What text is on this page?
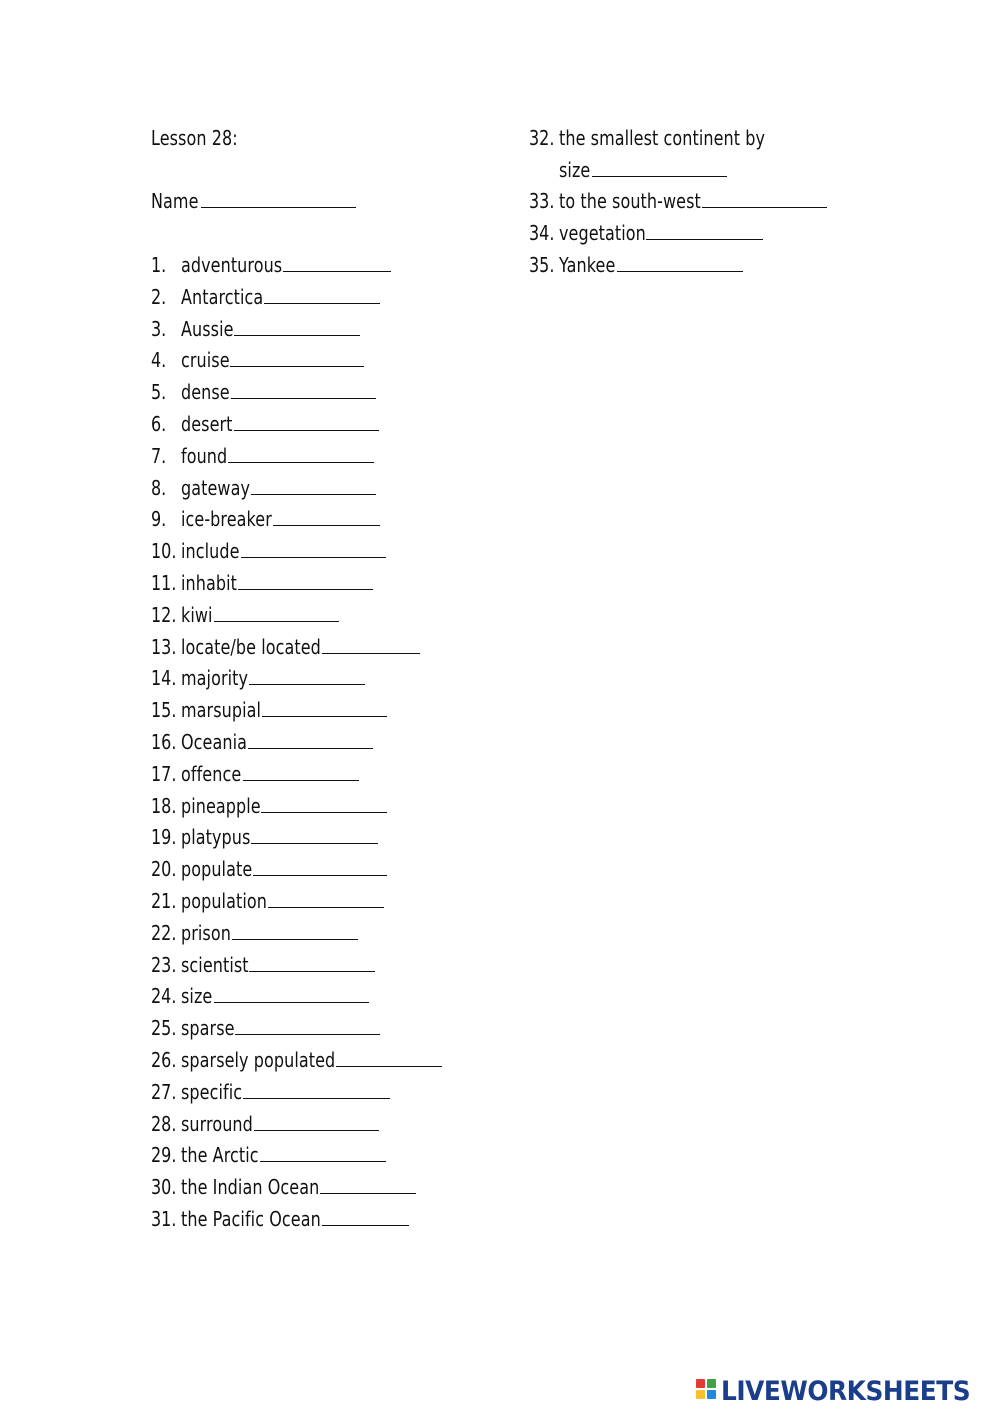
Lesson 28:
Name
1. adventurous
2. Antarctica
3. Aussie
4. cruise
5. dense
6. desert
7. found
8. gateway
9. ice-breaker
10. include
11. inhabit
12. kiwi
13. locate/be located
14. majority
15. marsupial
16. Oceania
17. offence
18. pineapple
19. platypus
20. populate
21. population
22. prison
23. scientist
24. size
25. sparse
26. sparsely populated
27. specific
28. surround
29. the Arctic
30. the Indian Ocean
31. the Pacific Ocean
32. the smallest continent by
size
33. to the south-west
34. vegetation
35. Yankee
LIVEWORKSHEETS
